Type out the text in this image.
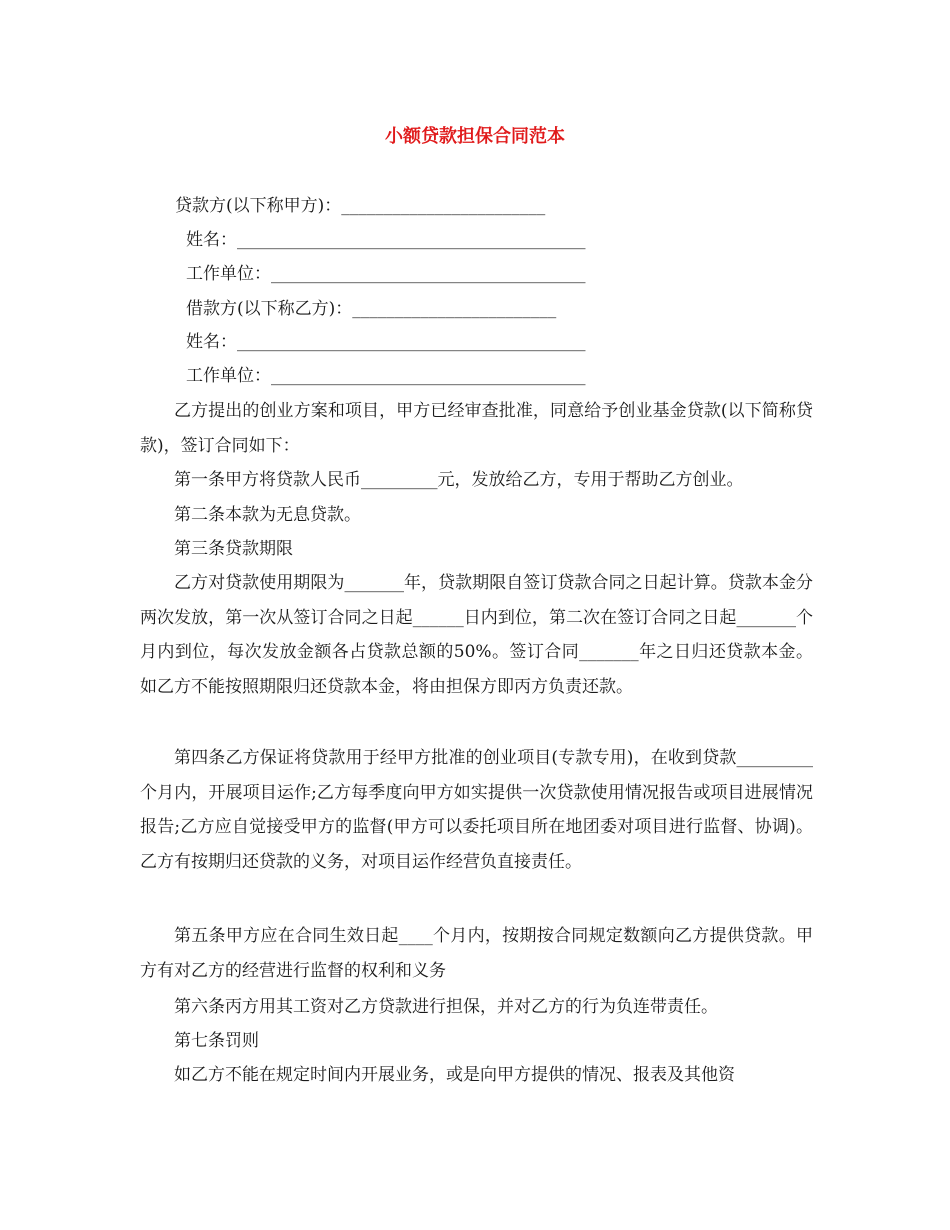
小额贷款担保合同范本
贷款方(以下称甲方)：________________________
姓名：_________________________________________
工作单位：_____________________________________
借款方(以下称乙方)：________________________
姓名：_________________________________________
工作单位：_____________________________________
乙方提出的创业方案和项目，甲方已经审查批准，同意给予创业基金贷款(以下简称贷款)，签订合同如下：
第一条甲方将贷款人民币_________元，发放给乙方，专用于帮助乙方创业。
第二条本款为无息贷款。
第三条贷款期限
乙方对贷款使用期限为_______年，贷款期限自签订贷款合同之日起计算。贷款本金分两次发放，第一次从签订合同之日起______日内到位，第二次在签订合同之日起_______个月内到位，每次发放金额各占贷款总额的50%。签订合同_______年之日归还贷款本金。如乙方不能按照期限归还贷款本金，将由担保方即丙方负责还款。
第四条乙方保证将贷款用于经甲方批准的创业项目(专款专用)，在收到贷款_________个月内，开展项目运作;乙方每季度向甲方如实提供一次贷款使用情况报告或项目进展情况报告;乙方应自觉接受甲方的监督(甲方可以委托项目所在地团委对项目进行监督、协调)。乙方有按期归还贷款的义务，对项目运作经营负直接责任。
第五条甲方应在合同生效日起____个月内，按期按合同规定数额向乙方提供贷款。甲方有对乙方的经营进行监督的权利和义务
第六条丙方用其工资对乙方贷款进行担保，并对乙方的行为负连带责任。
第七条罚则
如乙方不能在规定时间内开展业务，或是向甲方提供的情况、报表及其他资
